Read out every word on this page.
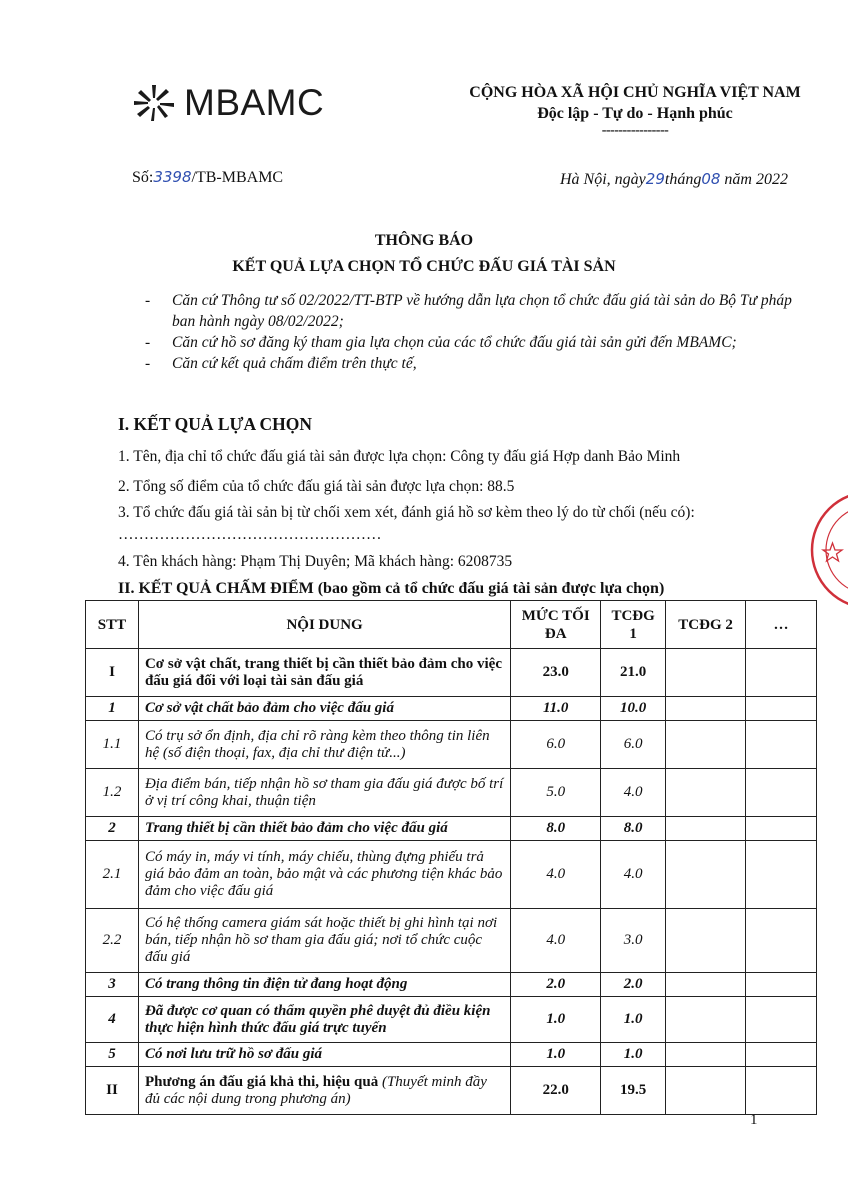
MBAMC	CỘNG HÒA XÃ HỘI CHỦ NGHĨA VIỆT NAM
Độc lập - Tự do - Hạnh phúc
----------------
Số:3398/TB-MBAMC	Hà Nội, ngày29tháng08 năm 2022
THÔNG BÁO
KẾT QUẢ LỰA CHỌN TỔ CHỨC ĐẤU GIÁ TÀI SẢN
-	Căn cứ Thông tư số 02/2022/TT-BTP về hướng dẫn lựa chọn tổ chức đấu giá tài sản do Bộ Tư pháp ban hành ngày 08/02/2022;
-	Căn cứ hồ sơ đăng ký tham gia lựa chọn của các tổ chức đấu giá tài sản gửi đến MBAMC;
-	Căn cứ kết quả chấm điểm trên thực tế,
I. KẾT QUẢ LỰA CHỌN
1. Tên, địa chỉ tổ chức đấu giá tài sản được lựa chọn: Công ty đấu giá Hợp danh Bảo Minh
2. Tổng số điểm của tổ chức đấu giá tài sản được lựa chọn: 88.5
3. Tổ chức đấu giá tài sản bị từ chối xem xét, đánh giá hồ sơ kèm theo lý do từ chối (nếu có): ……………………………………………
4. Tên khách hàng: Phạm Thị Duyên; Mã khách hàng: 6208735
II. KẾT QUẢ CHẤM ĐIỂM (bao gồm cả tổ chức đấu giá tài sản được lựa chọn)
STT	NỘI DUNG	MỨC TỐI ĐA	TCĐG 1	TCĐG 2	…
I	Cơ sở vật chất, trang thiết bị cần thiết bảo đảm cho việc đấu giá đối với loại tài sản đấu giá	23.0	21.0		
1	Cơ sở vật chất bảo đảm cho việc đấu giá	11.0	10.0		
1.1	Có trụ sở ổn định, địa chỉ rõ ràng kèm theo thông tin liên hệ (số điện thoại, fax, địa chỉ thư điện tử...)	6.0	6.0		
1.2	Địa điểm bán, tiếp nhận hồ sơ tham gia đấu giá được bố trí ở vị trí công khai, thuận tiện	5.0	4.0		
2	Trang thiết bị cần thiết bảo đảm cho việc đấu giá	8.0	8.0		
2.1	Có máy in, máy vi tính, máy chiếu, thùng đựng phiếu trả giá bảo đảm an toàn, bảo mật và các phương tiện khác bảo đảm cho việc đấu giá	4.0	4.0		
2.2	Có hệ thống camera giám sát hoặc thiết bị ghi hình tại nơi bán, tiếp nhận hồ sơ tham gia đấu giá; nơi tổ chức cuộc đấu giá	4.0	3.0		
3	Có trang thông tin điện tử đang hoạt động	2.0	2.0		
4	Đã được cơ quan có thẩm quyền phê duyệt đủ điều kiện thực hiện hình thức đấu giá trực tuyến	1.0	1.0		
5	Có nơi lưu trữ hồ sơ đấu giá	1.0	1.0		
II	Phương án đấu giá khả thi, hiệu quả (Thuyết minh đầy đủ các nội dung trong phương án)	22.0	19.5		
1
